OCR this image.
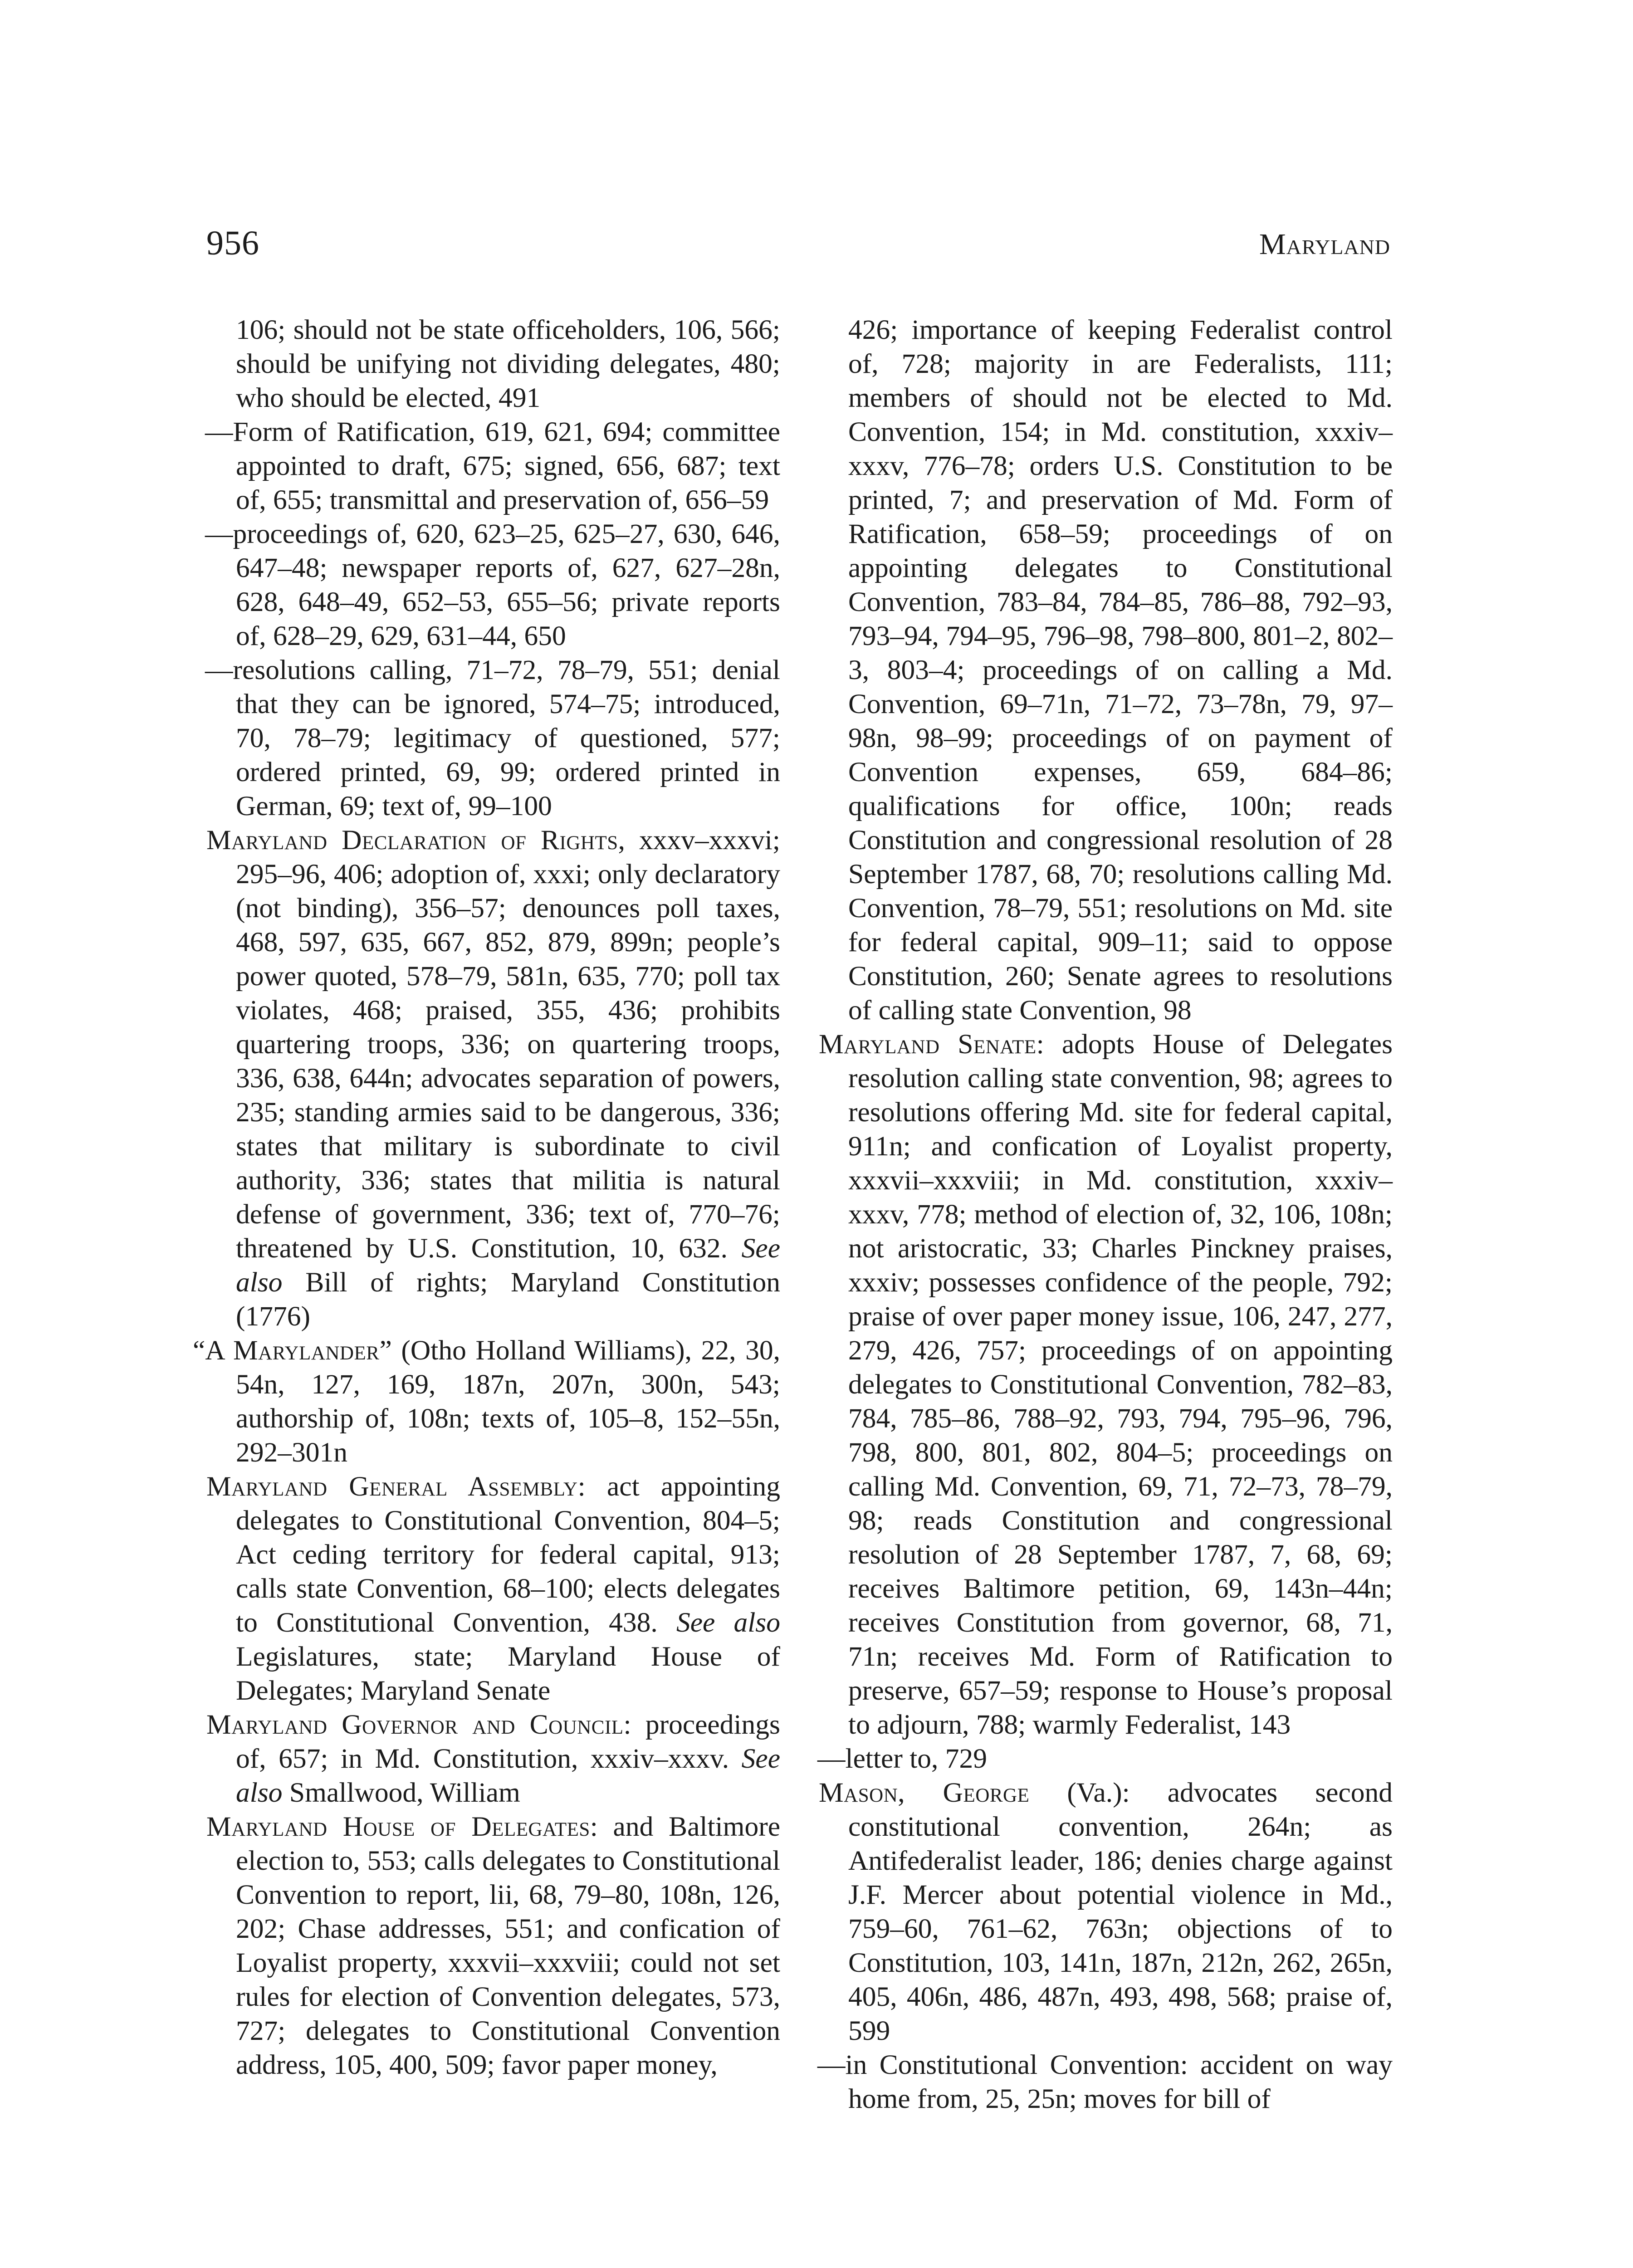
956	Maryland

106; should not be state officeholders, 106, 566; should be unifying not dividing delegates, 480; who should be elected, 491

—Form of Ratification, 619, 621, 694; committee appointed to draft, 675; signed, 656, 687; text of, 655; transmittal and preservation of, 656–59

—proceedings of, 620, 623–25, 625–27, 630, 646, 647–48; newspaper reports of, 627, 627–28n, 628, 648–49, 652–53, 655–56; private reports of, 628–29, 629, 631–44, 650

—resolutions calling, 71–72, 78–79, 551; denial that they can be ignored, 574–75; introduced, 70, 78–79; legitimacy of questioned, 577; ordered printed, 69, 99; ordered printed in German, 69; text of, 99–100

Maryland Declaration of Rights, xxxv–xxxvi; 295–96, 406; adoption of, xxxi; only declaratory (not binding), 356–57; denounces poll taxes, 468, 597, 635, 667, 852, 879, 899n; people’s power quoted, 578–79, 581n, 635, 770; poll tax violates, 468; praised, 355, 436; prohibits quartering troops, 336; on quartering troops, 336, 638, 644n; advocates separation of powers, 235; standing armies said to be dangerous, 336; states that military is subordinate to civil authority, 336; states that militia is natural defense of government, 336; text of, 770–76; threatened by U.S. Constitution, 10, 632. See also Bill of rights; Maryland Constitution (1776)

“A Marylander” (Otho Holland Williams), 22, 30, 54n, 127, 169, 187n, 207n, 300n, 543; authorship of, 108n; texts of, 105–8, 152–55n, 292–301n

Maryland General Assembly: act appointing delegates to Constitutional Convention, 804–5; Act ceding territory for federal capital, 913; calls state Convention, 68–100; elects delegates to Constitutional Convention, 438. See also Legislatures, state; Maryland House of Delegates; Maryland Senate

Maryland Governor and Council: proceedings of, 657; in Md. Constitution, xxxiv–xxxv. See also Smallwood, William

Maryland House of Delegates: and Baltimore election to, 553; calls delegates to Constitutional Convention to report, lii, 68, 79–80, 108n, 126, 202; Chase addresses, 551; and confication of Loyalist property, xxxvii–xxxviii; could not set rules for election of Convention delegates, 573, 727; delegates to Constitutional Convention address, 105, 400, 509; favor paper money,

426; importance of keeping Federalist control of, 728; majority in are Federalists, 111; members of should not be elected to Md. Convention, 154; in Md. constitution, xxxiv–xxxv, 776–78; orders U.S. Constitution to be printed, 7; and preservation of Md. Form of Ratification, 658–59; proceedings of on appointing delegates to Constitutional Convention, 783–84, 784–85, 786–88, 792–93, 793–94, 794–95, 796–98, 798–800, 801–2, 802–3, 803–4; proceedings of on calling a Md. Convention, 69–71n, 71–72, 73–78n, 79, 97–98n, 98–99; proceedings of on payment of Convention expenses, 659, 684–86; qualifications for office, 100n; reads Constitution and congressional resolution of 28 September 1787, 68, 70; resolutions calling Md. Convention, 78–79, 551; resolutions on Md. site for federal capital, 909–11; said to oppose Constitution, 260; Senate agrees to resolutions of calling state Convention, 98

Maryland Senate: adopts House of Delegates resolution calling state convention, 98; agrees to resolutions offering Md. site for federal capital, 911n; and confication of Loyalist property, xxxvii–xxxviii; in Md. constitution, xxxiv–xxxv, 778; method of election of, 32, 106, 108n; not aristocratic, 33; Charles Pinckney praises, xxxiv; possesses confidence of the people, 792; praise of over paper money issue, 106, 247, 277, 279, 426, 757; proceedings of on appointing delegates to Constitutional Convention, 782–83, 784, 785–86, 788–92, 793, 794, 795–96, 796, 798, 800, 801, 802, 804–5; proceedings on calling Md. Convention, 69, 71, 72–73, 78–79, 98; reads Constitution and congressional resolution of 28 September 1787, 7, 68, 69; receives Baltimore petition, 69, 143n–44n; receives Constitution from governor, 68, 71, 71n; receives Md. Form of Ratification to preserve, 657–59; response to House’s proposal to adjourn, 788; warmly Federalist, 143

—letter to, 729

Mason, George (Va.): advocates second constitutional convention, 264n; as Antifederalist leader, 186; denies charge against J.F. Mercer about potential violence in Md., 759–60, 761–62, 763n; objections of to Constitution, 103, 141n, 187n, 212n, 262, 265n, 405, 406n, 486, 487n, 493, 498, 568; praise of, 599

—in Constitutional Convention: accident on way home from, 25, 25n; moves for bill of
